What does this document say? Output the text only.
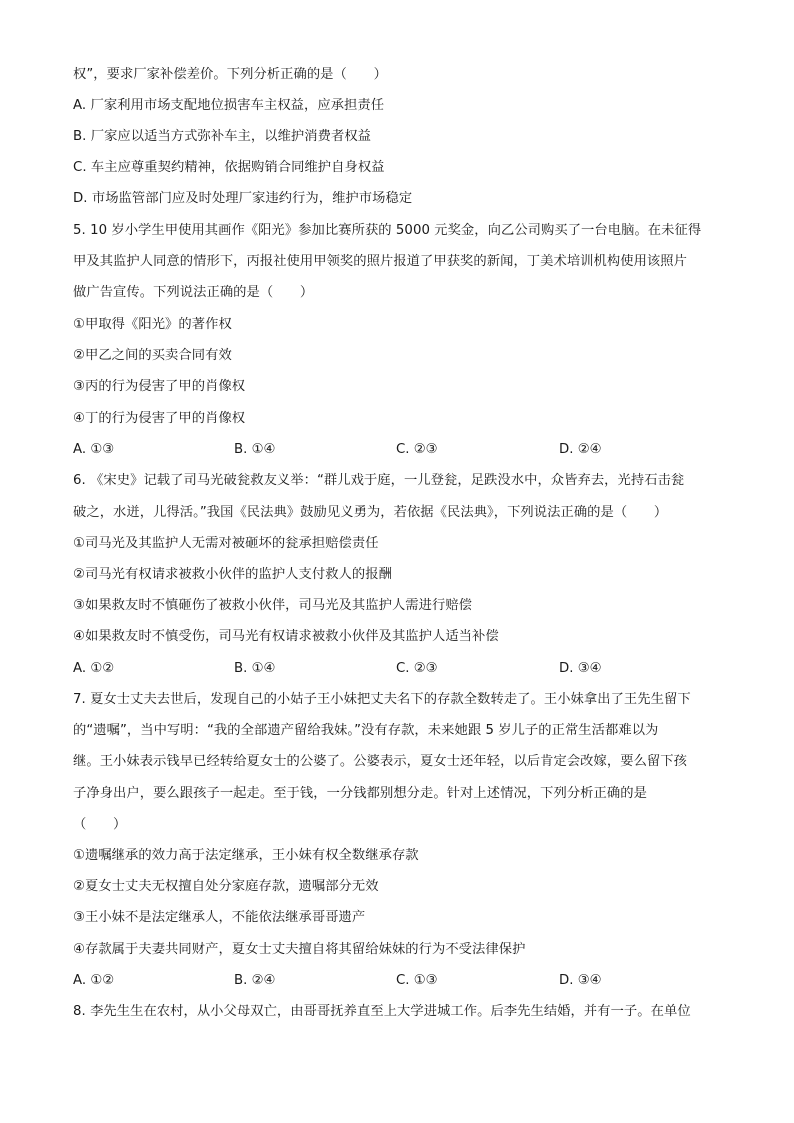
权”，要求厂家补偿差价。下列分析正确的是（　　）
A. 厂家利用市场支配地位损害车主权益，应承担责任
B. 厂家应以适当方式弥补车主，以维护消费者权益
C. 车主应尊重契约精神，依据购销合同维护自身权益
D. 市场监管部门应及时处理厂家违约行为，维护市场稳定
5. 10 岁小学生甲使用其画作《阳光》参加比赛所获的 5000 元奖金，向乙公司购买了一台电脑。在未征得
甲及其监护人同意的情形下，丙报社使用甲领奖的照片报道了甲获奖的新闻，丁美术培训机构使用该照片
做广告宣传。下列说法正确的是（　　）
①甲取得《阳光》的著作权
②甲乙之间的买卖合同有效
③丙的行为侵害了甲的肖像权
④丁的行为侵害了甲的肖像权
A. ①③	B. ①④	C. ②③	D. ②④
6. 《宋史》记载了司马光破瓮救友义举：“群儿戏于庭，一儿登瓮，足跌没水中，众皆弃去，光持石击瓮
破之，水迸，儿得活。”我国《民法典》鼓励见义勇为，若依据《民法典》，下列说法正确的是（　　）
①司马光及其监护人无需对被砸坏的瓮承担赔偿责任
②司马光有权请求被救小伙伴的监护人支付救人的报酬
③如果救友时不慎砸伤了被救小伙伴，司马光及其监护人需进行赔偿
④如果救友时不慎受伤，司马光有权请求被救小伙伴及其监护人适当补偿
A. ①②	B. ①④	C. ②③	D. ③④
7. 夏女士丈夫去世后，发现自己的小姑子王小妹把丈夫名下的存款全数转走了。王小妹拿出了王先生留下
的“遗嘱”，当中写明：“我的全部遗产留给我妹。”没有存款，未来她跟 5 岁儿子的正常生活都难以为
继。王小妹表示钱早已经转给夏女士的公婆了。公婆表示，夏女士还年轻，以后肯定会改嫁，要么留下孩
子净身出户，要么跟孩子一起走。至于钱，一分钱都别想分走。针对上述情况，下列分析正确的是
（　　）
①遗嘱继承的效力高于法定继承，王小妹有权全数继承存款
②夏女士丈夫无权擅自处分家庭存款，遗嘱部分无效
③王小妹不是法定继承人，不能依法继承哥哥遗产
④存款属于夫妻共同财产，夏女士丈夫擅自将其留给妹妹的行为不受法律保护
A. ①②	B. ②④	C. ①③	D. ③④
8. 李先生生在农村，从小父母双亡，由哥哥抚养直至上大学进城工作。后李先生结婚，并有一子。在单位
